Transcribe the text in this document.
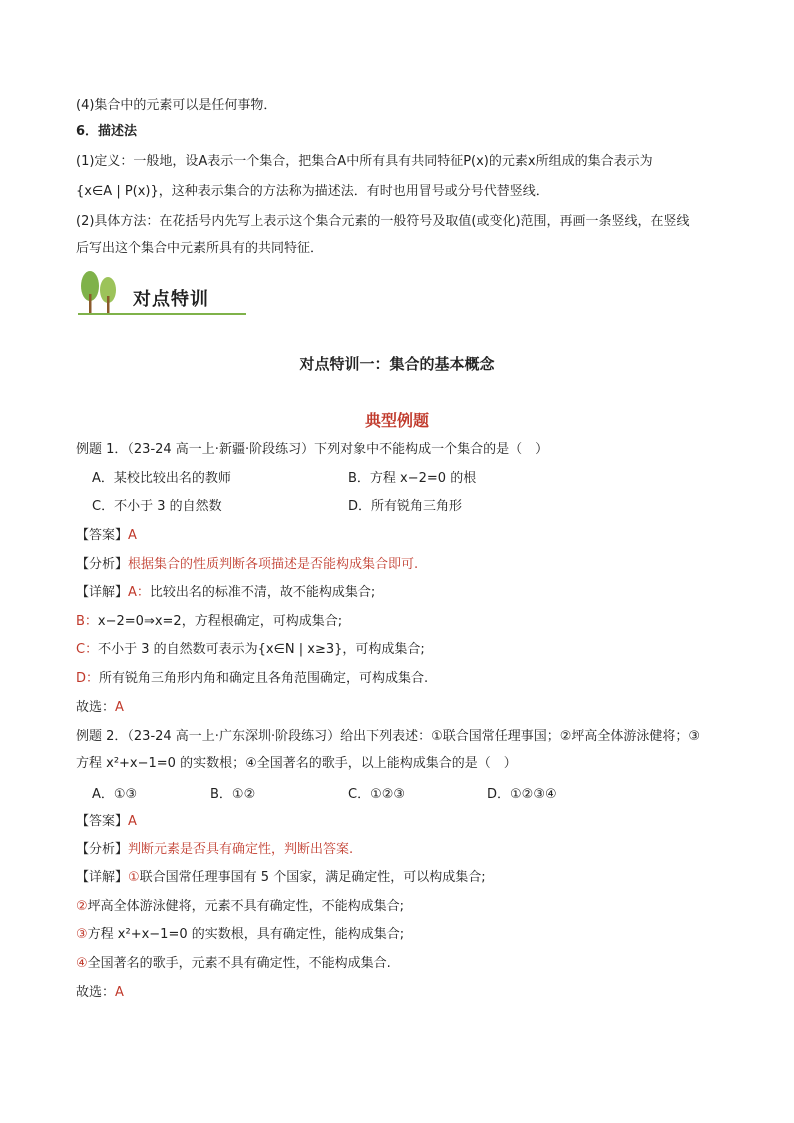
(4)集合中的元素可以是任何事物．
6．描述法
(1)定义：一般地，设A表示一个集合，把集合A中所有具有共同特征P(x)的元素x所组成的集合表示为
{x∈A | P(x)}，这种表示集合的方法称为描述法．有时也用冒号或分号代替竖线．
(2)具体方法：在花括号内先写上表示这个集合元素的一般符号及取值(或变化)范围，再画一条竖线，在竖线
后写出这个集合中元素所具有的共同特征．
对点特训
对点特训一：集合的基本概念
典型例题
例题 1．（23-24 高一上·新疆·阶段练习）下列对象中不能构成一个集合的是（　）
A．某校比较出名的教师	B．方程 x−2=0 的根
C．不小于 3 的自然数	D．所有锐角三角形
【答案】A
【分析】根据集合的性质判断各项描述是否能构成集合即可.
【详解】A：比较出名的标准不清，故不能构成集合;
B：x−2=0⇒x=2，方程根确定，可构成集合;
C：不小于 3 的自然数可表示为{x∈N | x≥3}，可构成集合;
D：所有锐角三角形内角和确定且各角范围确定，可构成集合.
故选：A
例题 2．（23-24 高一上·广东深圳·阶段练习）给出下列表述：①联合国常任理事国；②坪高全体游泳健将；③
方程 x²+x−1=0 的实数根；④全国著名的歌手，以上能构成集合的是（　）
A．①③	B．①②	C．①②③	D．①②③④
【答案】A
【分析】判断元素是否具有确定性，判断出答案.
【详解】①联合国常任理事国有 5 个国家，满足确定性，可以构成集合;
②坪高全体游泳健将，元素不具有确定性，不能构成集合;
③方程 x²+x−1=0 的实数根，具有确定性，能构成集合;
④全国著名的歌手，元素不具有确定性，不能构成集合.
故选：A
